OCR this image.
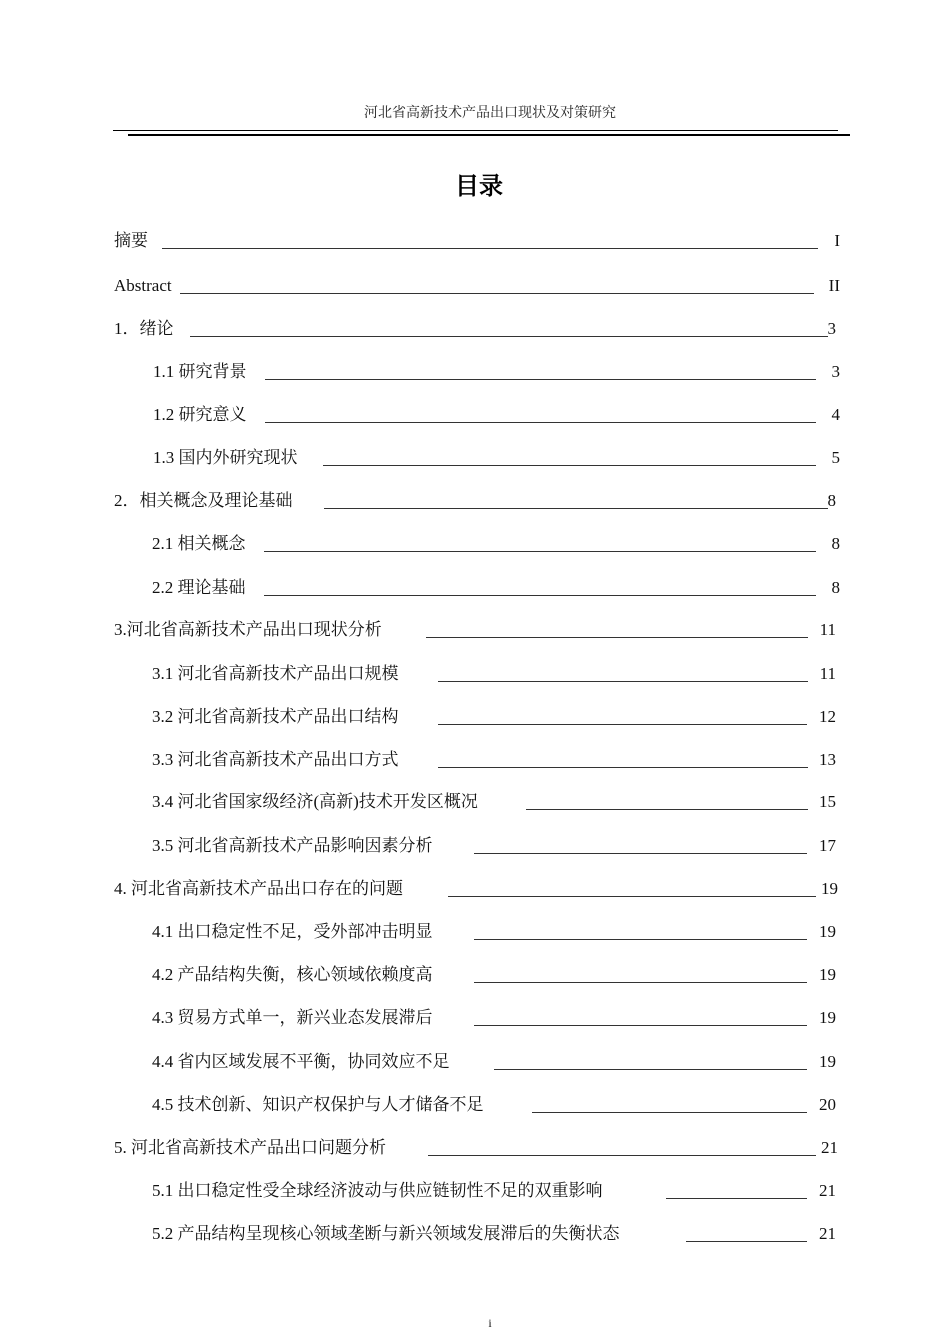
河北省高新技术产品出口现状及对策研究
目录
摘要	I
Abstract	II
1．绪论	3
1.1 研究背景	3
1.2 研究意义	4
1.3 国内外研究现状	5
2．相关概念及理论基础	8
2.1 相关概念	8
2.2 理论基础	8
3.河北省高新技术产品出口现状分析	11
3.1 河北省高新技术产品出口规模	11
3.2 河北省高新技术产品出口结构	12
3.3 河北省高新技术产品出口方式	13
3.4 河北省国家级经济(高新)技术开发区概况	15
3.5 河北省高新技术产品影响因素分析	17
4. 河北省高新技术产品出口存在的问题	19
4.1 出口稳定性不足，受外部冲击明显	19
4.2 产品结构失衡，核心领域依赖度高	19
4.3 贸易方式单一，新兴业态发展滞后	19
4.4 省内区域发展不平衡，协同效应不足	19
4.5 技术创新、知识产权保护与人才储备不足	20
5. 河北省高新技术产品出口问题分析	21
5.1 出口稳定性受全球经济波动与供应链韧性不足的双重影响	21
5.2 产品结构呈现核心领域垄断与新兴领域发展滞后的失衡状态	21
i
